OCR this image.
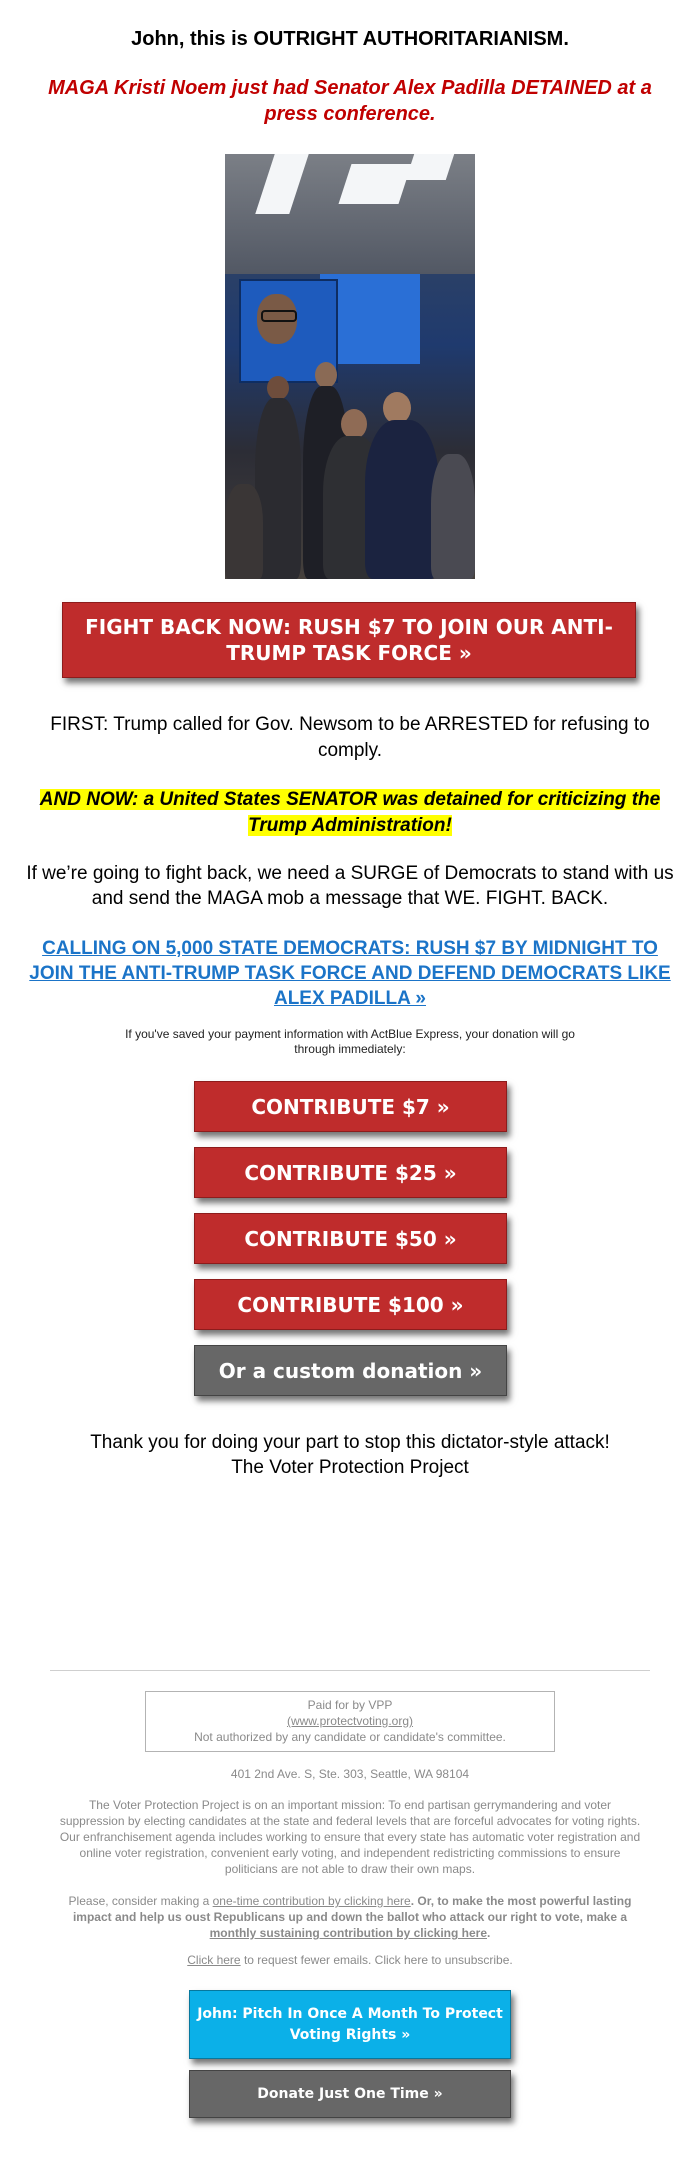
John, this is OUTRIGHT AUTHORITARIANISM.
MAGA Kristi Noem just had Senator Alex Padilla DETAINED at a press conference.
FIGHT BACK NOW: RUSH $7 TO JOIN OUR ANTI-TRUMP TASK FORCE »
FIRST: Trump called for Gov. Newsom to be ARRESTED for refusing to comply.
AND NOW: a United States SENATOR was detained for criticizing the Trump Administration!
If we’re going to fight back, we need a SURGE of Democrats to stand with us and send the MAGA mob a message that WE. FIGHT. BACK.
CALLING ON 5,000 STATE DEMOCRATS: RUSH $7 BY MIDNIGHT TO JOIN THE ANTI-TRUMP TASK FORCE AND DEFEND DEMOCRATS LIKE ALEX PADILLA »
If you've saved your payment information with ActBlue Express, your donation will go through immediately:
CONTRIBUTE $7 »
CONTRIBUTE $25 »
CONTRIBUTE $50 »
CONTRIBUTE $100 »
Or a custom donation »
Thank you for doing your part to stop this dictator-style attack!
The Voter Protection Project
Paid for by VPP
(www.protectvoting.org)
Not authorized by any candidate or candidate's committee.
401 2nd Ave. S, Ste. 303, Seattle, WA 98104
The Voter Protection Project is on an important mission: To end partisan gerrymandering and voter suppression by electing candidates at the state and federal levels that are forceful advocates for voting rights. Our enfranchisement agenda includes working to ensure that every state has automatic voter registration and online voter registration, convenient early voting, and independent redistricting commissions to ensure politicians are not able to draw their own maps.
Please, consider making a one-time contribution by clicking here. Or, to make the most powerful lasting impact and help us oust Republicans up and down the ballot who attack our right to vote, make a monthly sustaining contribution by clicking here.
Click here to request fewer emails. Click here to unsubscribe.
John: Pitch In Once A Month To Protect Voting Rights »
Donate Just One Time »
